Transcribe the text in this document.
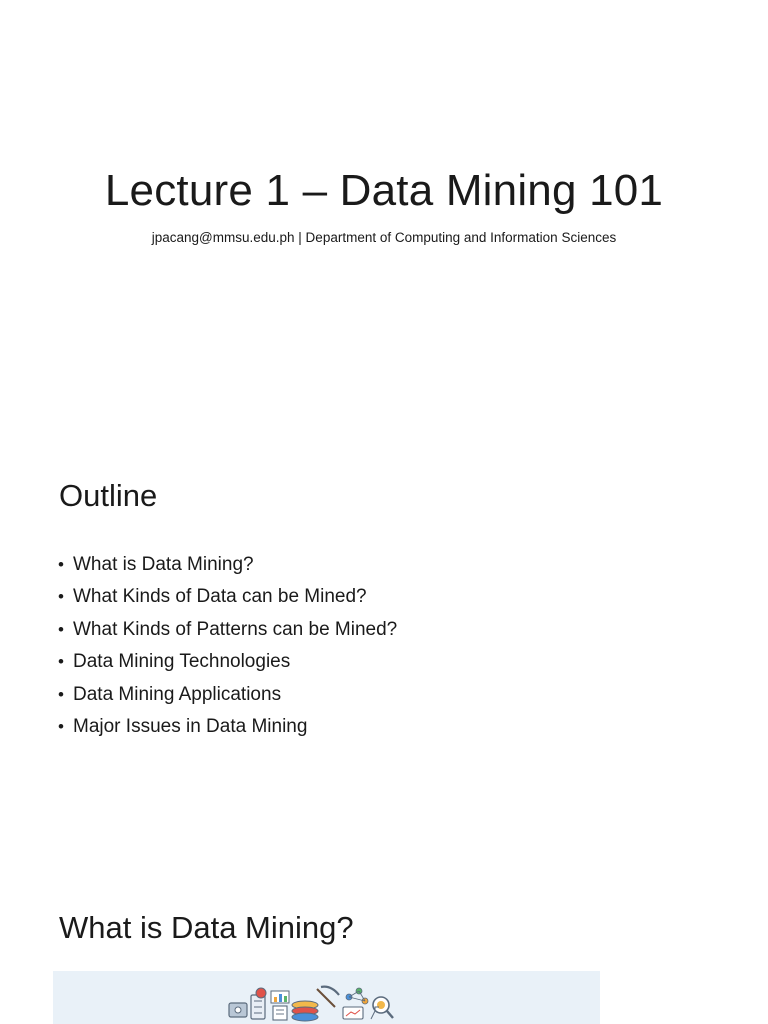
Lecture 1 – Data Mining 101

jpacang@mmsu.edu.ph | Department of Computing and Information Sciences

Outline
• What is Data Mining?
• What Kinds of Data can be Mined?
• What Kinds of Patterns can be Mined?
• Data Mining Technologies
• Data Mining Applications
• Major Issues in Data Mining
What is Data Mining?
